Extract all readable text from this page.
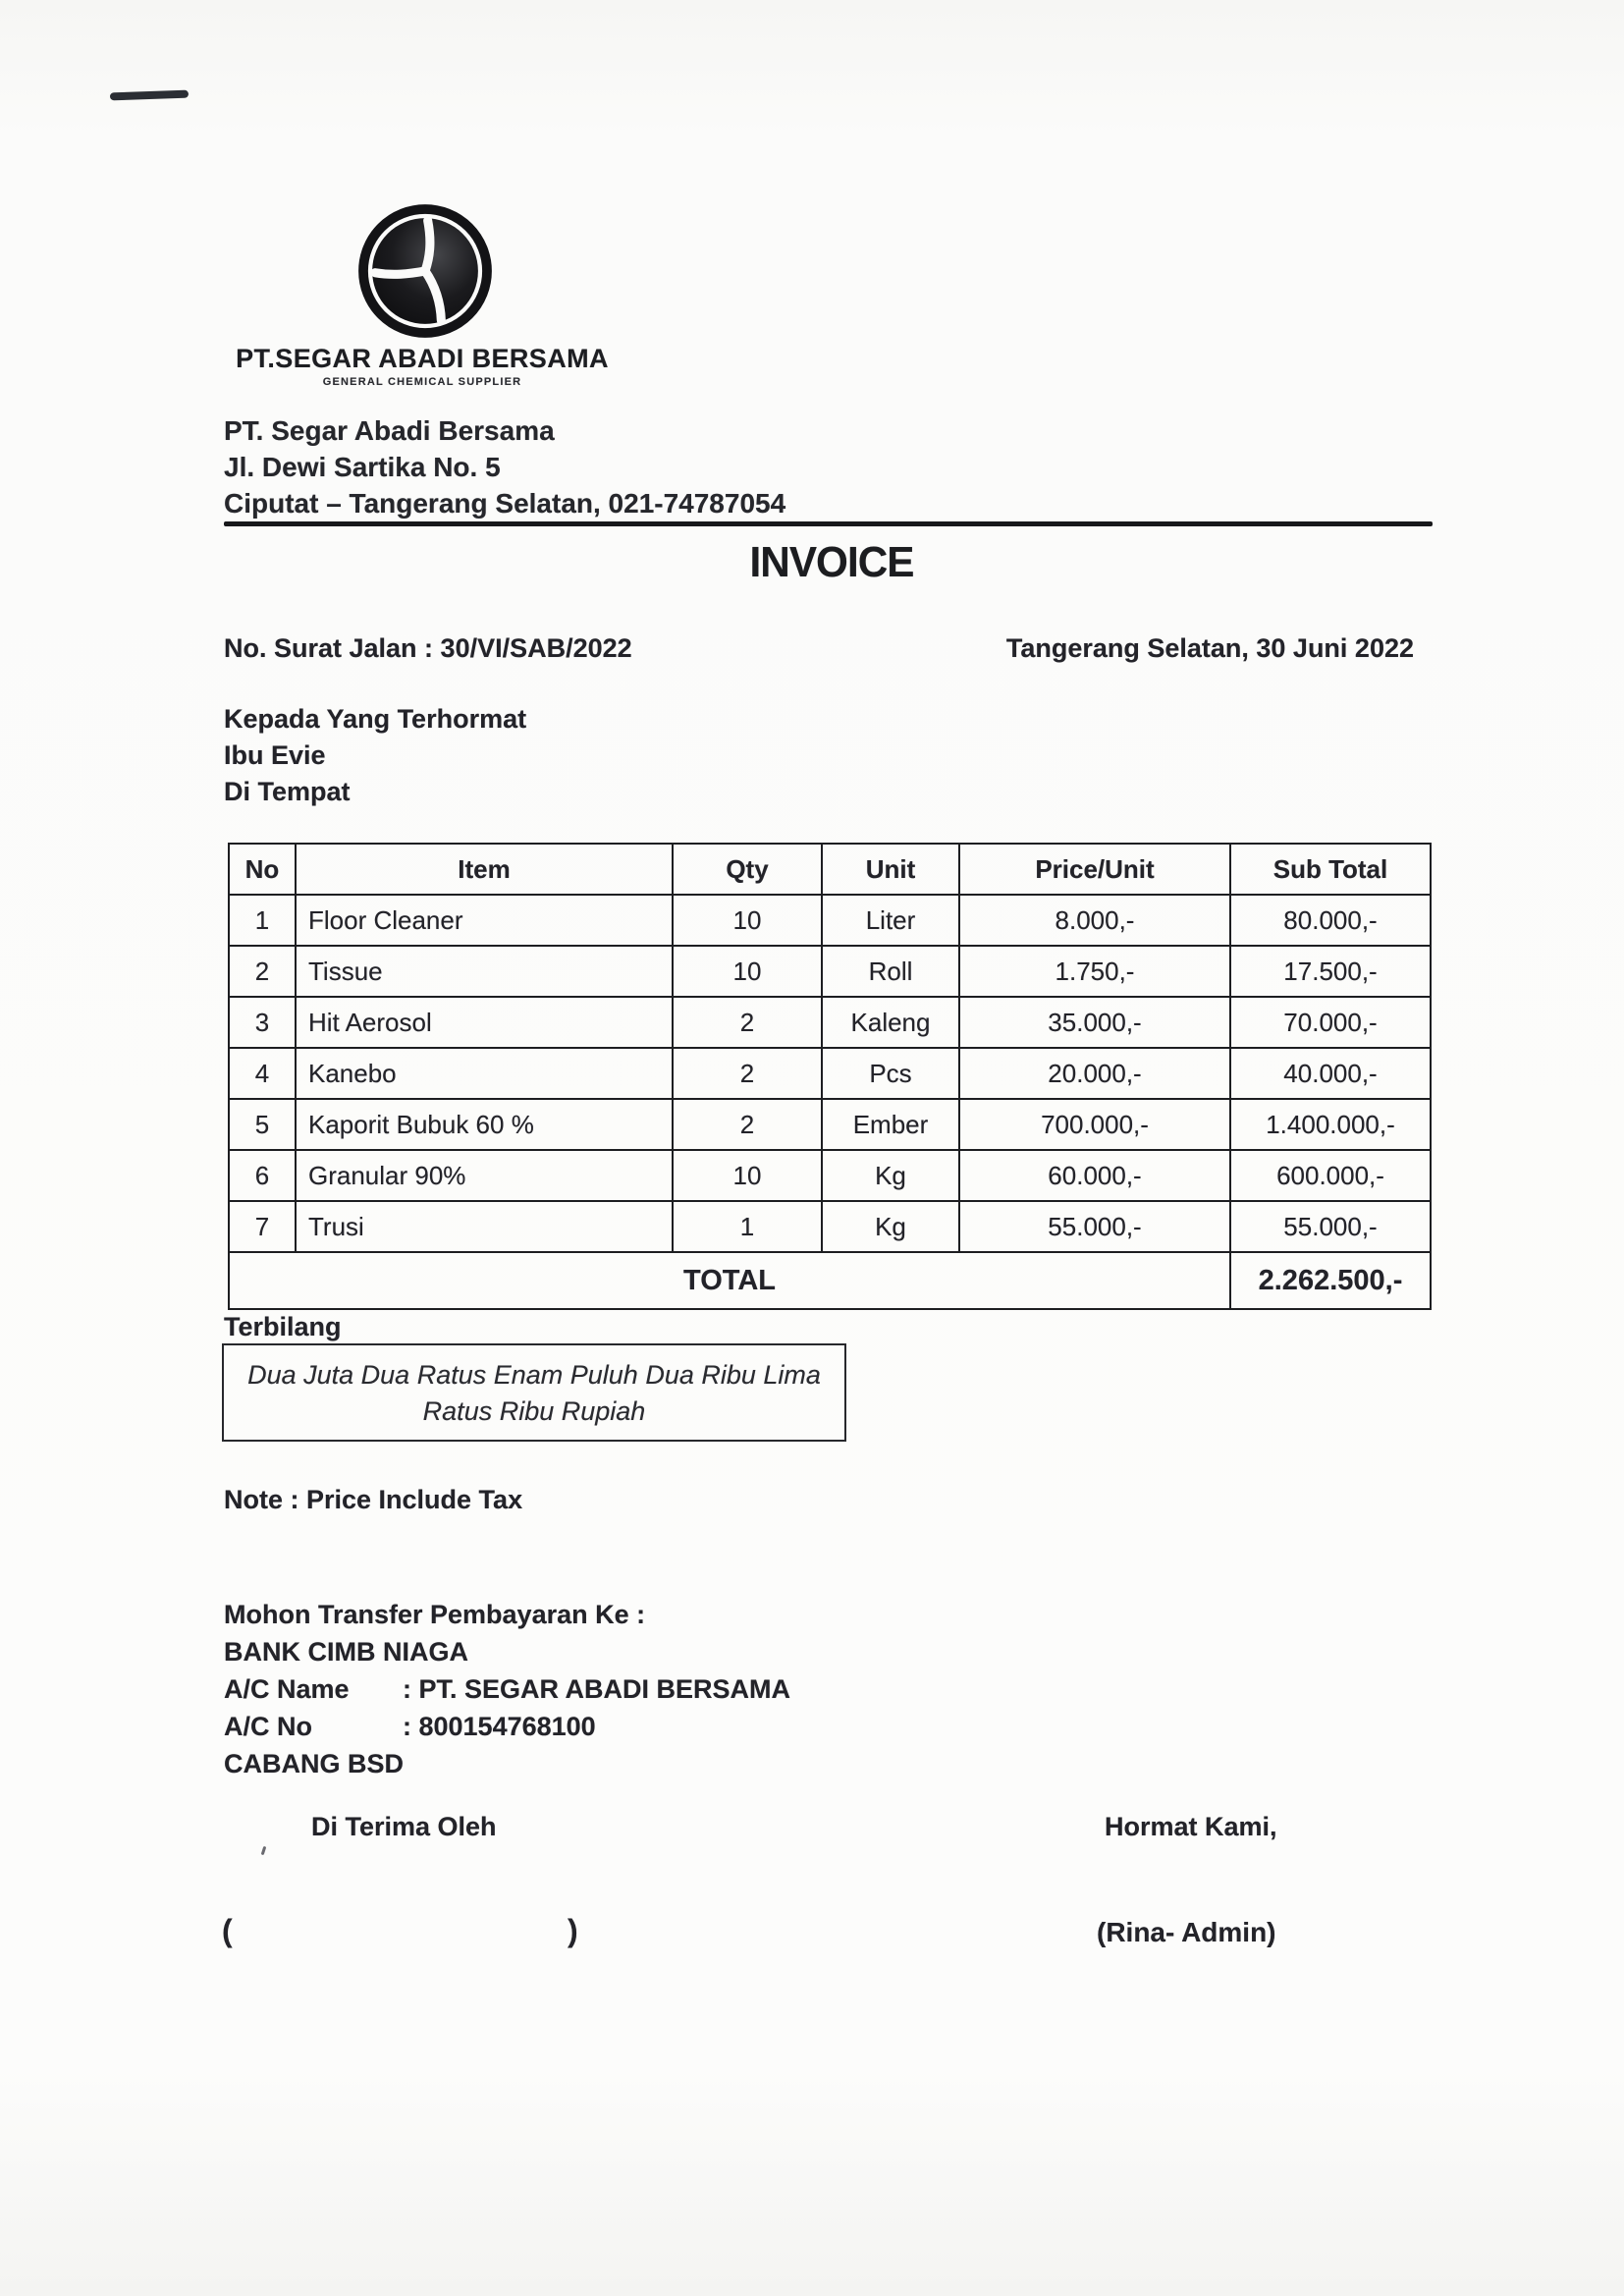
PT.SEGAR ABADI BERSAMA
GENERAL CHEMICAL SUPPLIER
PT. Segar Abadi Bersama
Jl. Dewi Sartika No. 5
Ciputat – Tangerang Selatan, 021-74787054
INVOICE
No. Surat Jalan : 30/VI/SAB/2022	Tangerang Selatan, 30 Juni 2022
Kepada Yang Terhormat
Ibu Evie
Di Tempat
No	Item	Qty	Unit	Price/Unit	Sub Total
1	Floor Cleaner	10	Liter	8.000,-	80.000,-
2	Tissue	10	Roll	1.750,-	17.500,-
3	Hit Aerosol	2	Kaleng	35.000,-	70.000,-
4	Kanebo	2	Pcs	20.000,-	40.000,-
5	Kaporit Bubuk 60 %	2	Ember	700.000,-	1.400.000,-
6	Granular 90%	10	Kg	60.000,-	600.000,-
7	Trusi	1	Kg	55.000,-	55.000,-
TOTAL					2.262.500,-
Terbilang
Dua Juta Dua Ratus Enam Puluh Dua Ribu Lima
Ratus Ribu Rupiah
Note : Price Include Tax
Mohon Transfer Pembayaran Ke :
BANK CIMB NIAGA
A/C Name : PT. SEGAR ABADI BERSAMA
A/C No	: 800154768100
CABANG BSD
Di Terima Oleh	Hormat Kami,
(	)	(Rina- Admin)
